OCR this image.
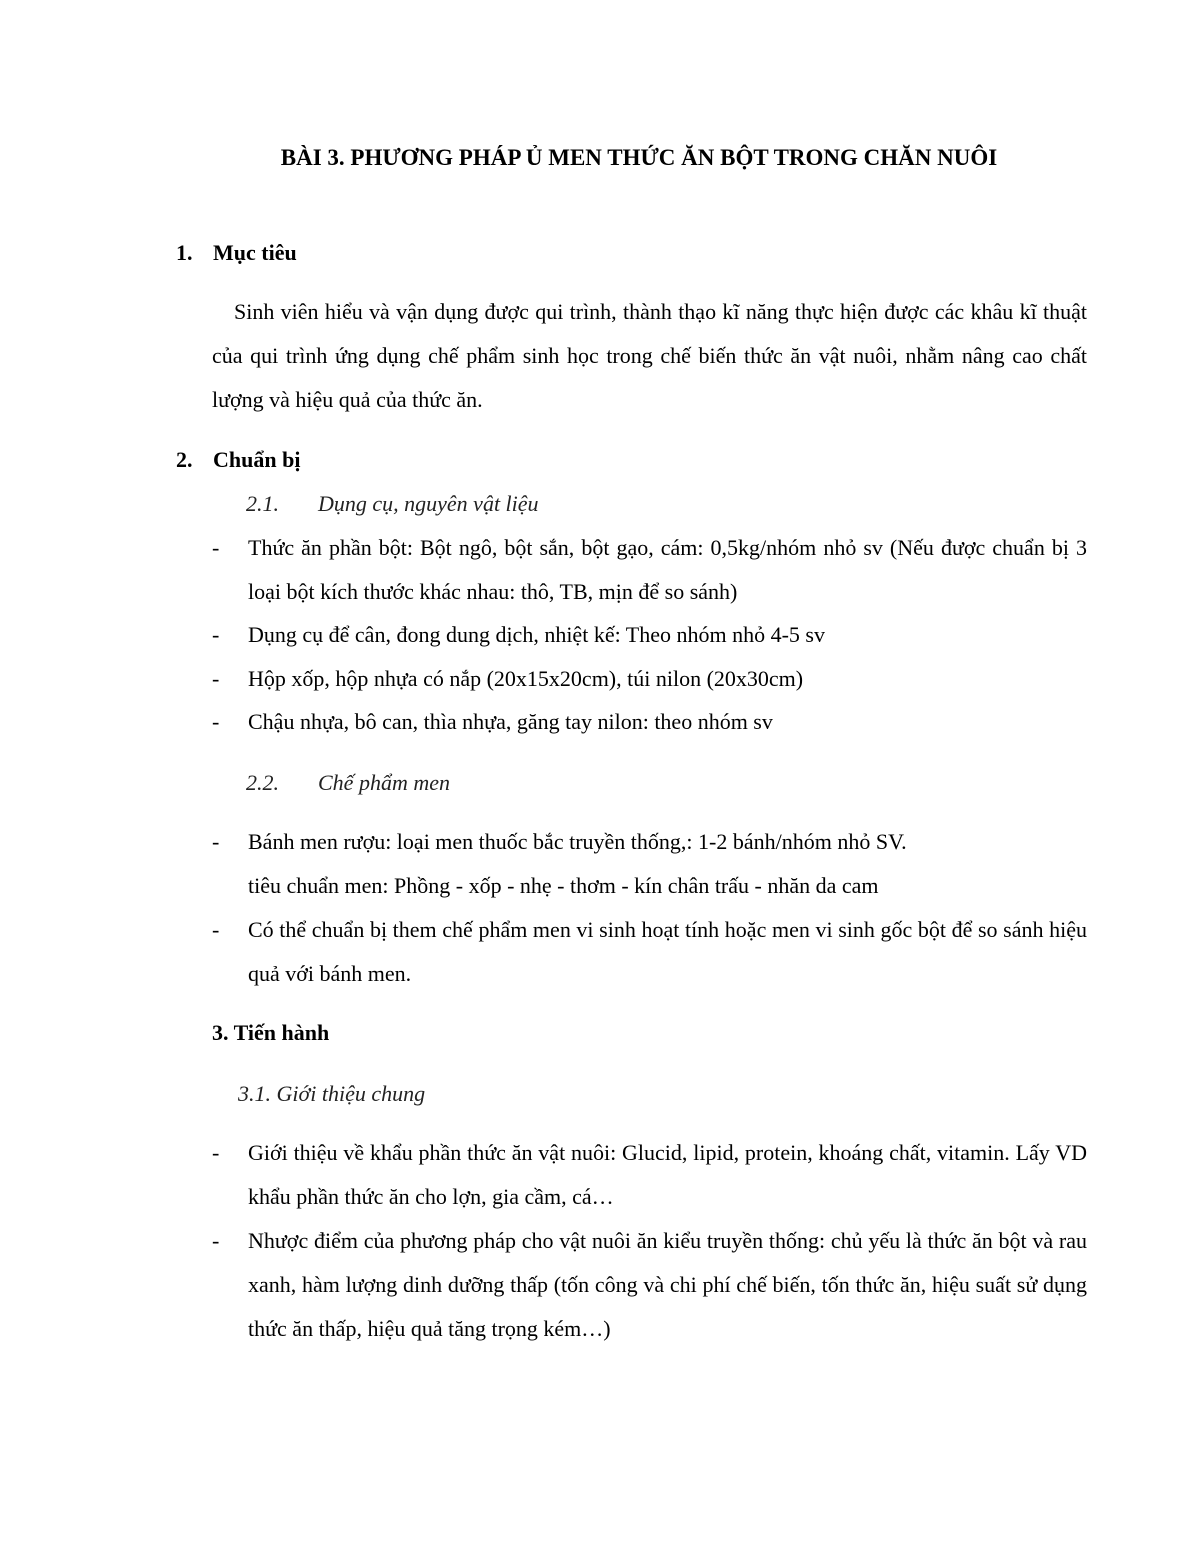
BÀI 3. PHƯƠNG PHÁP Ủ MEN THỨC ĂN BỘT TRONG CHĂN NUÔI
1. Mục tiêu
Sinh viên hiểu và vận dụng được qui trình, thành thạo kĩ năng thực hiện được các khâu kĩ thuật của qui trình ứng dụng chế phẩm sinh học trong chế biến thức ăn vật nuôi, nhằm nâng cao chất lượng và hiệu quả của thức ăn.
2. Chuẩn bị
2.1. Dụng cụ, nguyên vật liệu
- Thức ăn phần bột: Bột ngô, bột sắn, bột gạo, cám: 0,5kg/nhóm nhỏ sv (Nếu được chuẩn bị 3 loại bột kích thước khác nhau: thô, TB, mịn để so sánh)
- Dụng cụ để cân, đong dung dịch, nhiệt kế: Theo nhóm nhỏ 4-5 sv
- Hộp xốp, hộp nhựa có nắp (20x15x20cm), túi nilon (20x30cm)
- Chậu nhựa, bô can, thìa nhựa, găng tay nilon: theo nhóm sv
2.2. Chế phẩm men
- Bánh men rượu: loại men thuốc bắc truyền thống,: 1-2 bánh/nhóm nhỏ SV.
tiêu chuẩn men: Phồng - xốp - nhẹ - thơm - kín chân trấu - nhăn da cam
- Có thể chuẩn bị them chế phẩm men vi sinh hoạt tính hoặc men vi sinh gốc bột để so sánh hiệu quả với bánh men.
3. Tiến hành
3.1. Giới thiệu chung
- Giới thiệu về khẩu phần thức ăn vật nuôi: Glucid, lipid, protein, khoáng chất, vitamin. Lấy VD khẩu phần thức ăn cho lợn, gia cầm, cá…
- Nhược điểm của phương pháp cho vật nuôi ăn kiểu truyền thống: chủ yếu là thức ăn bột và rau xanh, hàm lượng dinh dưỡng thấp (tốn công và chi phí chế biến, tốn thức ăn, hiệu suất sử dụng thức ăn thấp, hiệu quả tăng trọng kém…)
